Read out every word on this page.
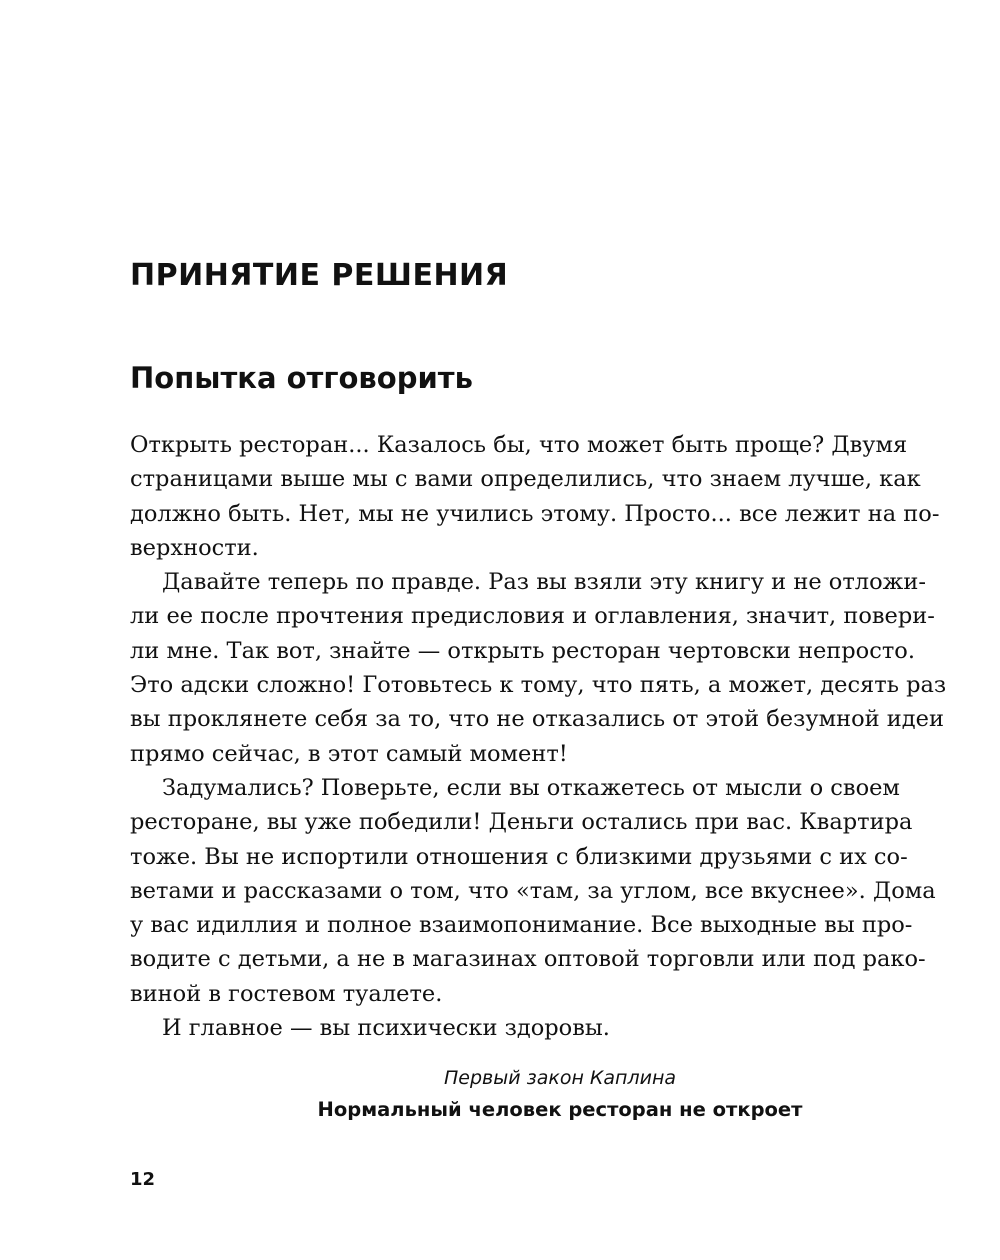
ПРИНЯТИЕ РЕШЕНИЯ
Попытка отговорить
Открыть ресторан... Казалось бы, что может быть проще? Двумя
страницами выше мы с вами определились, что знаем лучше, как
должно быть. Нет, мы не учились этому. Просто... все лежит на по-
верхности.
Давайте теперь по правде. Раз вы взяли эту книгу и не отложи-
ли ее после прочтения предисловия и оглавления, значит, повери-
ли мне. Так вот, знайте — открыть ресторан чертовски непросто.
Это адски сложно! Готовьтесь к тому, что пять, а может, десять раз
вы проклянете себя за то, что не отказались от этой безумной идеи
прямо сейчас, в этот самый момент!
Задумались? Поверьте, если вы откажетесь от мысли о своем
ресторане, вы уже победили! Деньги остались при вас. Квартира
тоже. Вы не испортили отношения с близкими друзьями с их со-
ветами и рассказами о том, что «там, за углом, все вкуснее». Дома
у вас идиллия и полное взаимопонимание. Все выходные вы про-
водите с детьми, а не в магазинах оптовой торговли или под рако-
виной в гостевом туалете.
И главное — вы психически здоровы.
Первый закон Каплина
Нормальный человек ресторан не откроет
12
